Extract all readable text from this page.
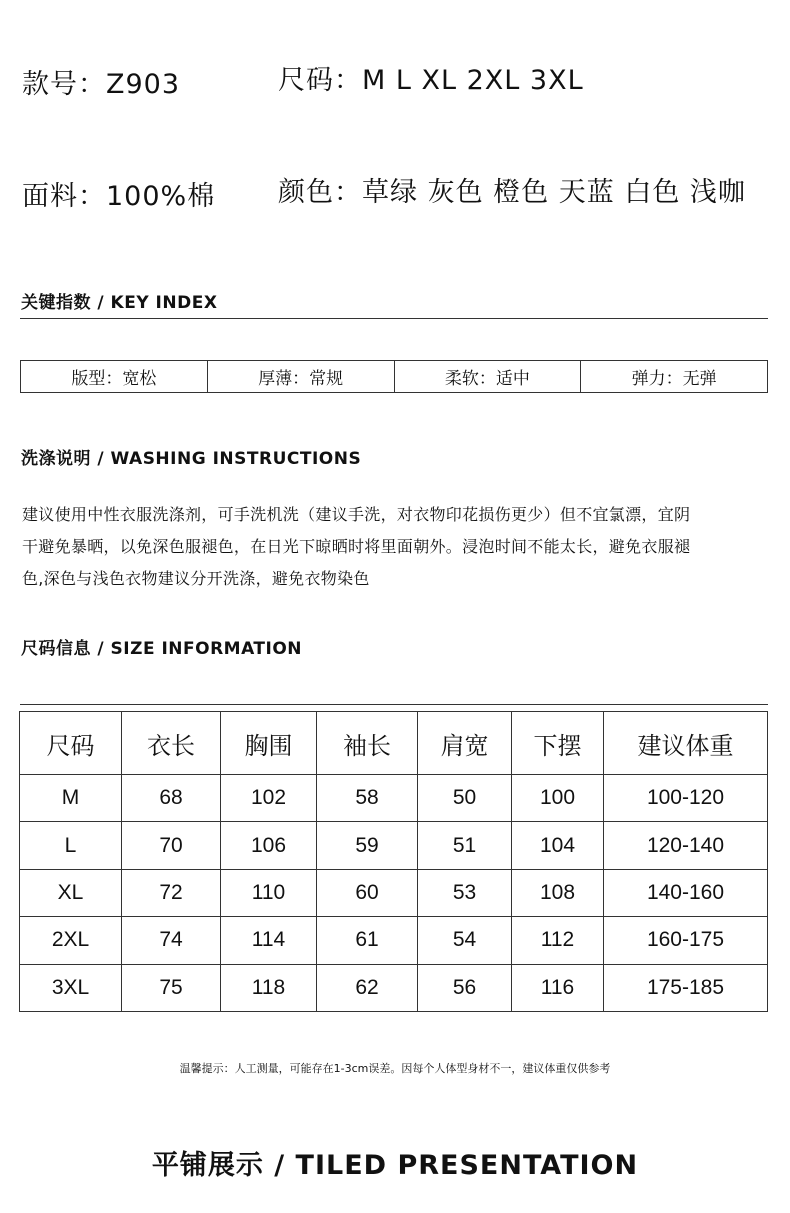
款号：Z903	尺码：M L XL 2XL 3XL
面料：100%棉 颜色：草绿 灰色 橙色 天蓝 白色 浅咖
关键指数 / KEY INDEX
版型：宽松	厚薄：常规	柔软：适中	弹力：无弹
洗涤说明 / WASHING INSTRUCTIONS
建议使用中性衣服洗涤剂，可手洗机洗（建议手洗，对衣物印花损伤更少）但不宜氯漂，宜阴
干避免暴晒，以免深色服褪色，在日光下晾晒时将里面朝外。浸泡时间不能太长，避免衣服褪
色,深色与浅色衣物建议分开洗涤，避免衣物染色
尺码信息 / SIZE INFORMATION
尺码	衣长	胸围	袖长	肩宽	下摆	建议体重
M	68	102	58	50	100	100-120
L	70	106	59	51	104	120-140
XL	72	110	60	53	108	140-160
2XL	74	114	61	54	112	160-175
3XL	75	118	62	56	116	175-185
温馨提示：人工测量，可能存在1-3cm误差。因每个人体型身材不一，建议体重仅供参考
平铺展示 / TILED PRESENTATION
